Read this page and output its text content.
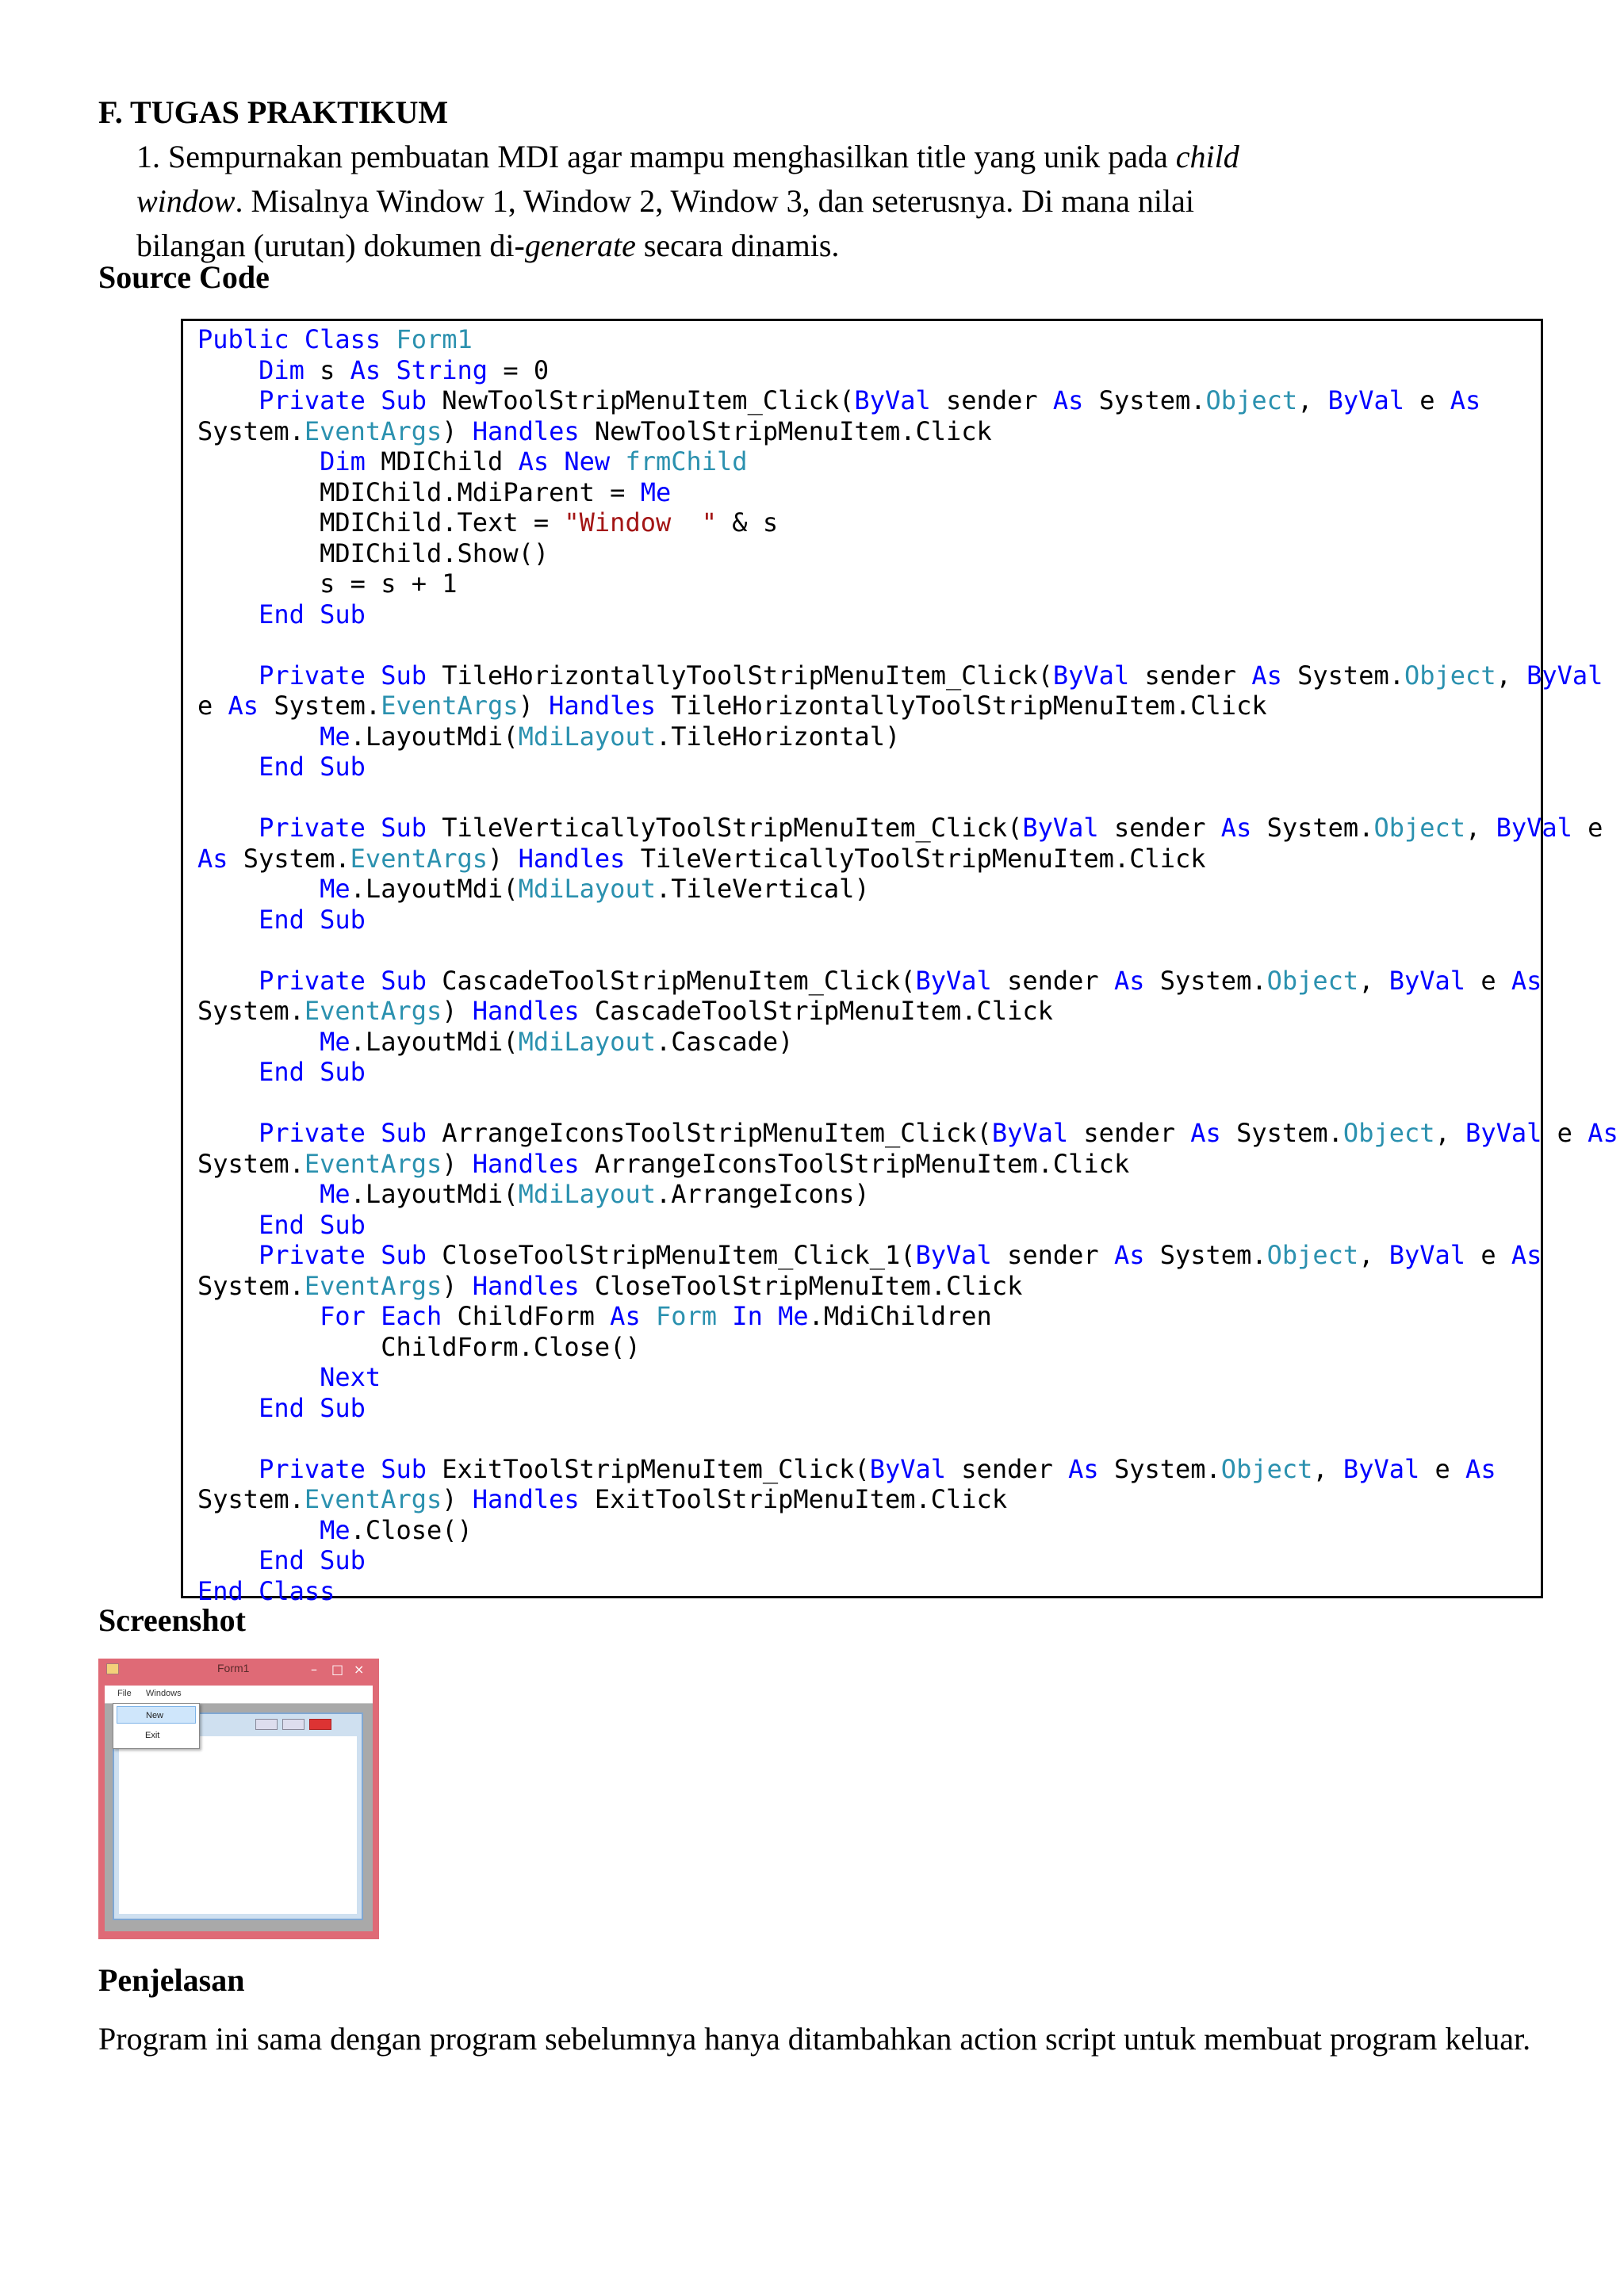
F. TUGAS PRAKTIKUM

1. Sempurnakan pembuatan MDI agar mampu menghasilkan title yang unik pada child

window. Misalnya Window 1, Window 2, Window 3, dan seterusnya. Di mana nilai

bilangan (urutan) dokumen di-generate secara dinamis.

Source Code
Public Class Form1
Dim s As String = 0
Private Sub NewToolStripMenuItem_Click(ByVal sender As System.Object, ByVal e As
System.EventArgs) Handles NewToolStripMenuItem.Click
Dim MDIChild As New frmChild
MDIChild.MdiParent = Me
MDIChild.Text = "Window  " & s
MDIChild.Show()
s = s + 1
End Sub

Private Sub TileHorizontallyToolStripMenuItem_Click(ByVal sender As System.Object, ByVal
e As System.EventArgs) Handles TileHorizontallyToolStripMenuItem.Click
Me.LayoutMdi(MdiLayout.TileHorizontal)
End Sub

Private Sub TileVerticallyToolStripMenuItem_Click(ByVal sender As System.Object, ByVal e
As System.EventArgs) Handles TileVerticallyToolStripMenuItem.Click
Me.LayoutMdi(MdiLayout.TileVertical)
End Sub

Private Sub CascadeToolStripMenuItem_Click(ByVal sender As System.Object, ByVal e As
System.EventArgs) Handles CascadeToolStripMenuItem.Click
Me.LayoutMdi(MdiLayout.Cascade)
End Sub

Private Sub ArrangeIconsToolStripMenuItem_Click(ByVal sender As System.Object, ByVal e As
System.EventArgs) Handles ArrangeIconsToolStripMenuItem.Click
Me.LayoutMdi(MdiLayout.ArrangeIcons)
End Sub
Private Sub CloseToolStripMenuItem_Click_1(ByVal sender As System.Object, ByVal e As
System.EventArgs) Handles CloseToolStripMenuItem.Click
For Each ChildForm As Form In Me.MdiChildren
ChildForm.Close()
Next
End Sub

Private Sub ExitToolStripMenuItem_Click(ByVal sender As System.Object, ByVal e As
System.EventArgs) Handles ExitToolStripMenuItem.Click
Me.Close()
End Sub
End Class
Screenshot
Form1	– □ ×
File Windows
New
Exit
Penjelasan

Program ini sama dengan program sebelumnya hanya ditambahkan action script untuk membuat program keluar.
